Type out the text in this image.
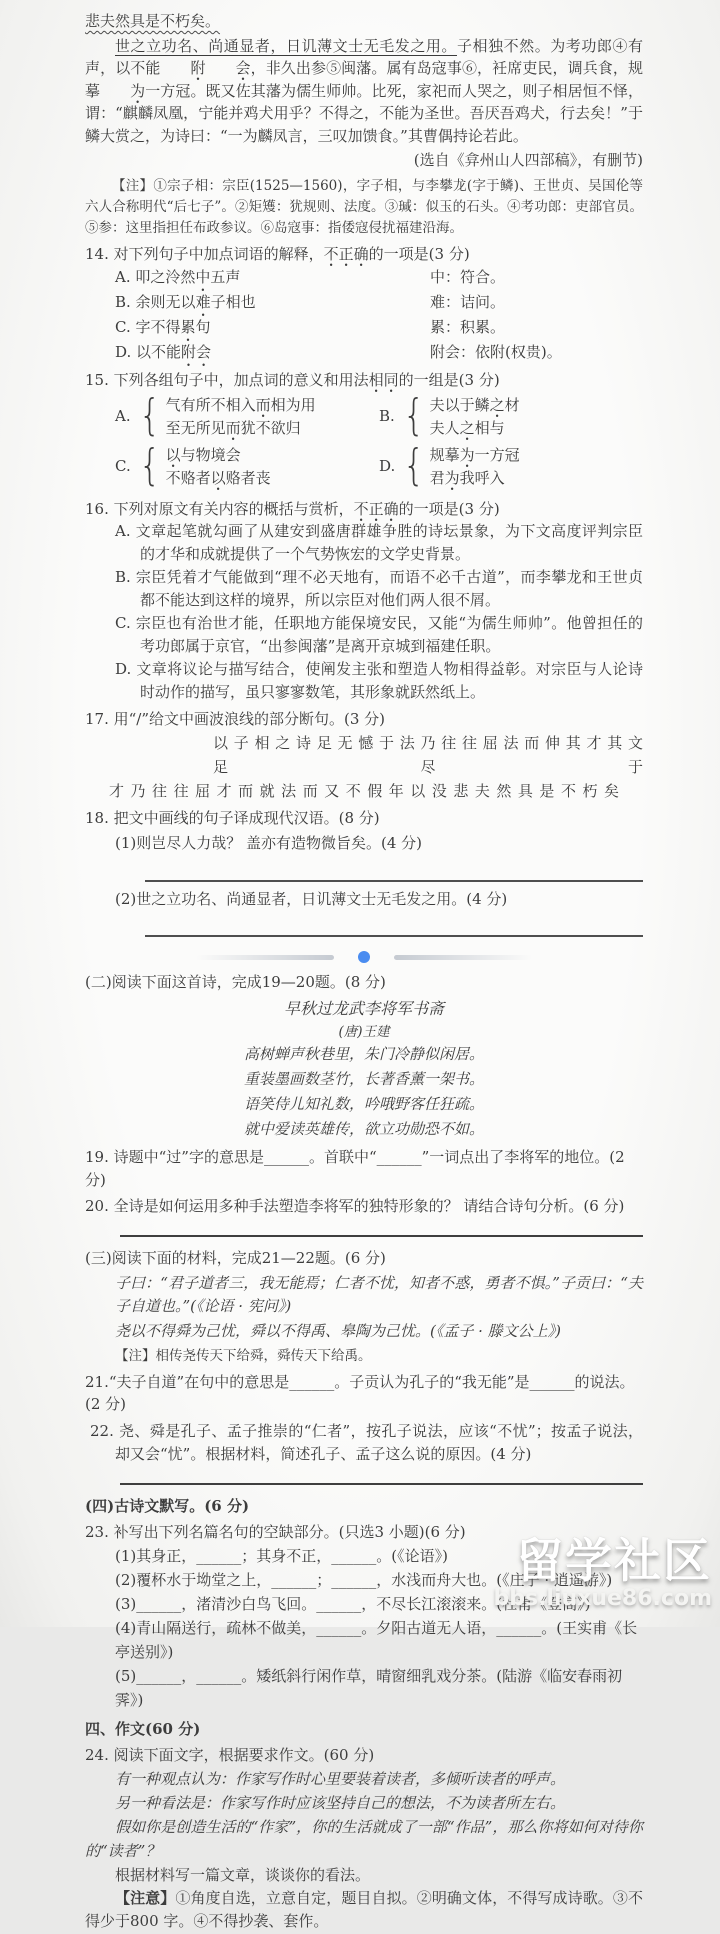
悲夫然具是不朽矣。

世之立功名、尚通显者，日讥薄文士无毛发之用。子相独不然。为考功郎④有声，以不能 附 会，非久出参⑤闽藩。属有岛寇事⑥，衽席吏民，调兵食，规摹 为一方冠。既又佐其藩为儒生师帅。比死，家祀而人哭之，则子相居恒不怿，谓：“麒麟凤凰，宁能并鸡犬用乎？不得之，不能为圣世。吾厌吾鸡犬，行去矣！”于鳞大赏之，为诗曰：“一为麟凤言，三叹加馈食。”其曹偶持论若此。

(选自《弇州山人四部稿》，有删节)

【注】①宗子相：宗臣(1525—1560)，字子相，与李攀龙(字于鳞)、王世贞、吴国伦等六人合称明代“后七子”。②矩矱：犹规则、法度。③瑊：似玉的石头。④考功郎：吏部官员。⑤参：这里指担任布政参议。⑥岛寇事：指倭寇侵扰福建沿海。

14. 对下列句子中加点词语的解释，不正确的一项是(3 分)

A. 叩之泠然中五声	中：符合。
B. 余则无以难子相也	难：诘问。
C. 字不得累句	累：积累。
D. 以不能附会	附会：依附(权贵)。

15. 下列各组句子中，加点词的意义和用法相同的一组是(3 分)

A. { 气有所不相入而相为用
至无所见而犹不欲归
B. { 夫以于鳞之材
夫人之相与
C. { 以与物境会
不赂者以赂者丧
D. { 规摹为一方冠
君为我呼入

16. 下列对原文有关内容的概括与赏析，不正确的一项是(3 分)

A. 文章起笔就勾画了从建安到盛唐群雄争胜的诗坛景象，为下文高度评判宗臣的才华和成就提供了一个气势恢宏的文学史背景。

B. 宗臣凭着才气能做到“理不必天地有，而语不必千古道”，而李攀龙和王世贞都不能达到这样的境界，所以宗臣对他们两人很不屑。

C. 宗臣也有治世才能，任职地方能保境安民，又能“为儒生师帅”。他曾担任的考功郎属于京官，“出参闽藩”是离开京城到福建任职。

D. 文章将议论与描写结合，使阐发主张和塑造人物相得益彰。对宗臣与人论诗时动作的描写，虽只寥寥数笔，其形象就跃然纸上。

17. 用“/”给文中画波浪线的部分断句。(3 分)

以 子 相 之 诗 足 无 憾 于 法 乃 往 往 屈 法 而 伸 其 才 其 文 足 尽 于

才 乃 往 往 屈 才 而 就 法 而 又 不 假 年 以 没 悲 夫 然 具 是 不 朽 矣

18. 把文中画线的句子译成现代汉语。(8 分)

(1)则岂尽人力哉？ 盖亦有造物微旨矣。(4 分)

(2)世之立功名、尚通显者，日讥薄文士无毛发之用。(4 分)

(二)阅读下面这首诗，完成19—20题。(8 分)

早秋过龙武李将军书斋

(唐)王建

高树蝉声秋巷里，朱门冷静似闲居。

重装墨画数茎竹，长著香薰一架书。

语笑侍儿知礼数，吟哦野客任狂疏。

就中爱读英雄传，欲立功勋恐不如。

19. 诗题中“过”字的意思是______。首联中“______”一词点出了李将军的地位。(2 分)

20. 全诗是如何运用多种手法塑造李将军的独特形象的？ 请结合诗句分析。(6 分)

(三)阅读下面的材料，完成21—22题。(6 分)

子曰：“君子道者三，我无能焉；仁者不忧，知者不惑，勇者不惧。”子贡曰：“夫子自道也。”(《论语 · 宪问》)

尧以不得舜为己忧，舜以不得禹、皋陶为己忧。(《孟子 · 滕文公上》)

【注】相传尧传天下给舜，舜传天下给禹。

21.“夫子自道”在句中的意思是______。子贡认为孔子的“我无能”是______的说法。(2 分)

22. 尧、舜是孔子、孟子推崇的“仁者”，按孔子说法，应该“不忧”；按孟子说法，却又会“忧”。根据材料，简述孔子、孟子这么说的原因。(4 分)

(四)古诗文默写。(6 分)

23. 补写出下列名篇名句的空缺部分。(只选3 小题)(6 分)

(1)其身正，______；其身不正，______。(《论语》)

(2)覆杯水于坳堂之上，______；______，水浅而舟大也。(《庄子 · 逍遥游》)

(3)______，渚清沙白鸟飞回。______，不尽长江滚滚来。(杜甫《登高》)

(4)青山隔送行，疏林不做美，______。夕阳古道无人语，______。(王实甫《长亭送别》)

(5)______，______。矮纸斜行闲作草，晴窗细乳戏分茶。(陆游《临安春雨初霁》)

四、作文(60 分)

24. 阅读下面文字，根据要求作文。(60 分)

有一种观点认为：作家写作时心里要装着读者，多倾听读者的呼声。

另一种看法是：作家写作时应该坚持自己的想法，不为读者所左右。

假如你是创造生活的“作家”，你的生活就成了一部“作品”，那么你将如何对待你的“读者”？

根据材料写一篇文章，谈谈你的看法。

【注意】①角度自选，立意自定，题目自拟。②明确文体，不得写成诗歌。③不得少于800 字。④不得抄袭、套作。

留学社区
bbs.liuxue86.com
